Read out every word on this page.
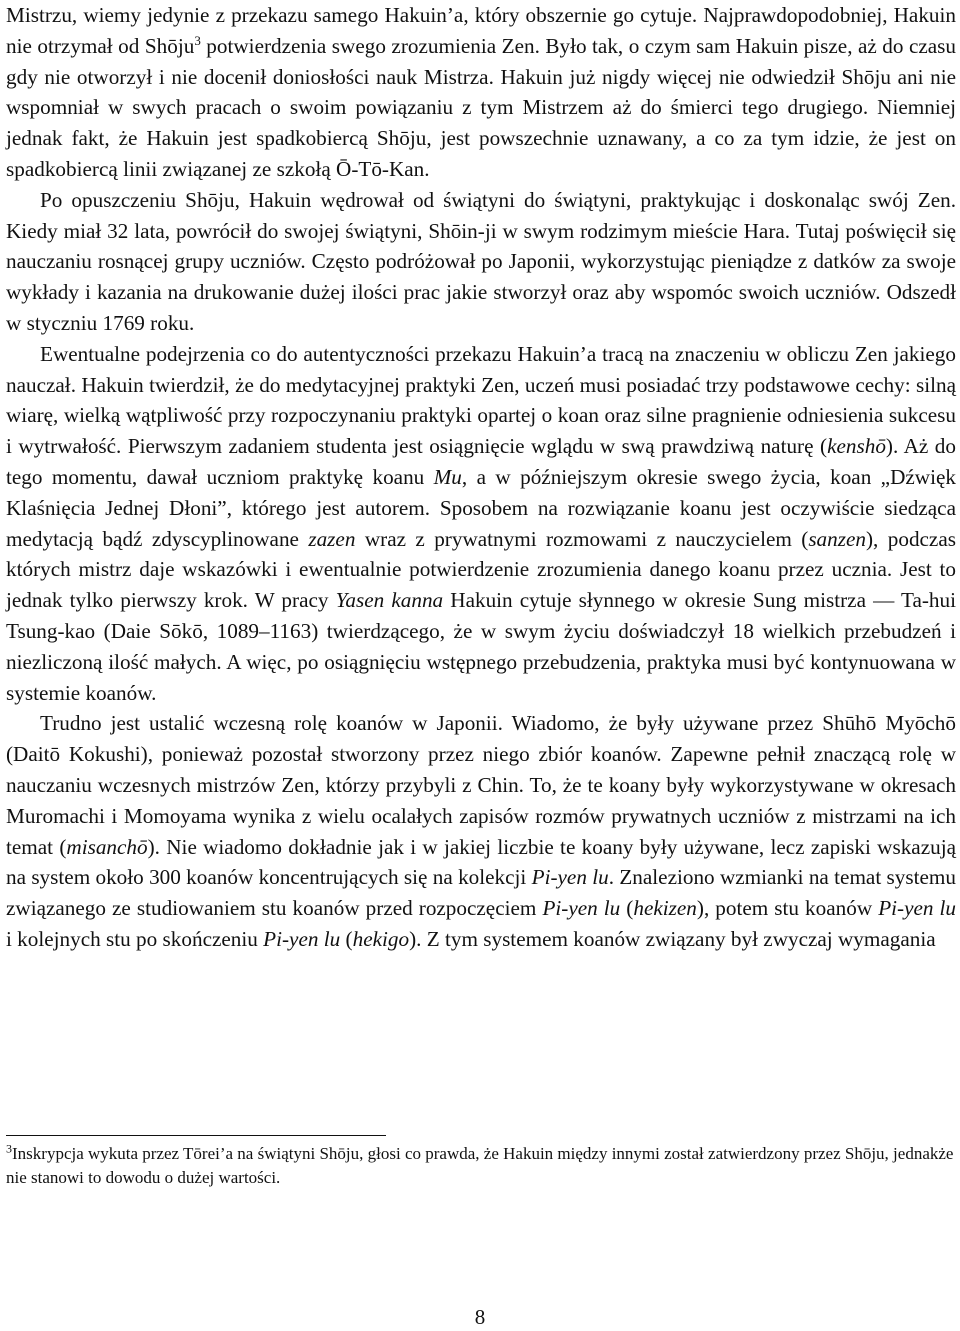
Mistrzu, wiemy jedynie z przekazu samego Hakuin’a, który obszernie go cytuje. Najprawdopodobniej, Hakuin nie otrzymał od Shōju$^3$ potwierdzenia swego zrozumienia Zen. Było tak, o czym sam Hakuin pisze, aż do czasu gdy nie otworzył i nie docenił doniosłości nauk Mistrza. Hakuin już nigdy więcej nie odwiedził Shōju ani nie wspomniał w swych pracach o swoim powiązaniu z tym Mistrzem aż do śmierci tego drugiego. Niemniej jednak fakt, że Hakuin jest spadkobiercą Shōju, jest powszechnie uznawany, a co za tym idzie, że jest on spadkobiercą linii związanej ze szkołą Ō-Tō-Kan.

Po opuszczeniu Shōju, Hakuin wędrował od świątyni do świątyni, praktykując i doskonaląc swój Zen. Kiedy miał 32 lata, powrócił do swojej świątyni, Shōin-ji w swym rodzimym mieście Hara. Tutaj poświęcił się nauczaniu rosnącej grupy uczniów. Często podróżował po Japonii, wykorzystując pieniądze z datków za swoje wykłady i kazania na drukowanie dużej ilości prac jakie stworzył oraz aby wspomóc swoich uczniów. Odszedł w styczniu 1769 roku.

Ewentualne podejrzenia co do autentyczności przekazu Hakuin’a tracą na znaczeniu w obliczu Zen jakiego nauczał. Hakuin twierdził, że do medytacyjnej praktyki Zen, uczeń musi posiadać trzy podstawowe cechy: silną wiarę, wielką wątpliwość przy rozpoczynaniu praktyki opartej o koan oraz silne pragnienie odniesienia sukcesu i wytrwałość. Pierwszym zadaniem studenta jest osiągnięcie wglądu w swą prawdziwą naturę (kenshō). Aż do tego momentu, dawał uczniom praktykę koanu Mu, a w późniejszym okresie swego życia, koan „Dźwięk Klaśnięcia Jednej Dłoni”, którego jest autorem. Sposobem na rozwiązanie koanu jest oczywiście siedząca medytacją bądź zdyscyplinowane zazen wraz z prywatnymi rozmowami z nauczycielem (sanzen), podczas których mistrz daje wskazówki i ewentualnie potwierdzenie zrozumienia danego koanu przez ucznia. Jest to jednak tylko pierwszy krok. W pracy Yasen kanna Hakuin cytuje słynnego w okresie Sung mistrza — Ta-hui Tsung-kao (Daie Sōkō, 1089–1163) twierdzącego, że w swym życiu doświadczył 18 wielkich przebudzeń i niezliczoną ilość małych. A więc, po osiągnięciu wstępnego przebudzenia, praktyka musi być kontynuowana w systemie koanów.

Trudno jest ustalić wczesną rolę koanów w Japonii. Wiadomo, że były używane przez Shūhō Myōchō (Daitō Kokushi), ponieważ pozostał stworzony przez niego zbiór koanów. Zapewne pełnił znaczącą rolę w nauczaniu wczesnych mistrzów Zen, którzy przybyli z Chin. To, że te koany były wykorzystywane w okresach Muromachi i Momoyama wynika z wielu ocalałych zapisów rozmów prywatnych uczniów z mistrzami na ich temat (misanchō). Nie wiadomo dokładnie jak i w jakiej liczbie te koany były używane, lecz zapiski wskazują na system około 300 koanów koncentrujących się na kolekcji Pi-yen lu. Znaleziono wzmianki na temat systemu związanego ze studiowaniem stu koanów przed rozpoczęciem Pi-yen lu (hekizen), potem stu koanów Pi-yen lu i kolejnych stu po skończeniu Pi-yen lu (hekigo). Z tym systemem koanów związany był zwyczaj wymagania

$^3$Inskrypcja wykuta przez Tōrei’a na świątyni Shōju, głosi co prawda, że Hakuin między innymi został zatwierdzony przez Shōju, jednakże nie stanowi to dowodu o dużej wartości.
8
